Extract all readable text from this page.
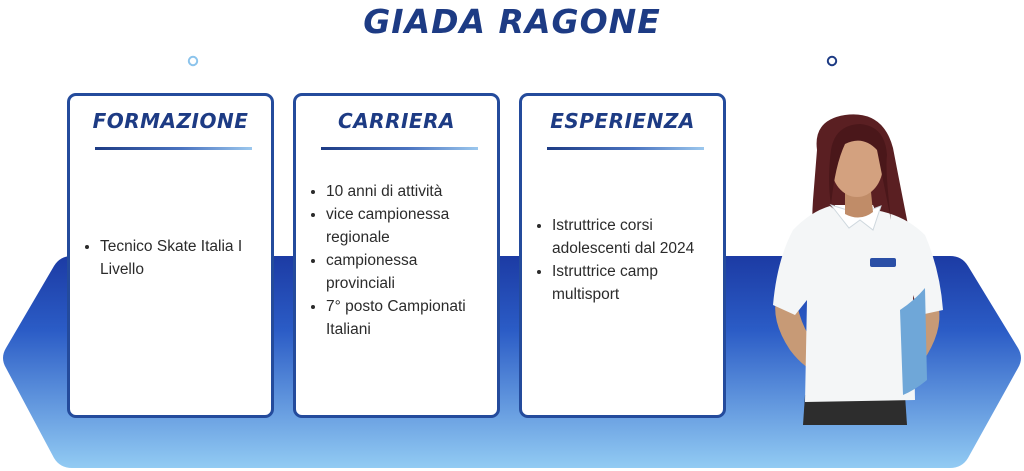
GIADA RAGONE
FORMAZIONE
• Tecnico Skate Italia I Livello
CARRIERA
• 10 anni di attività
• vice campionessa regionale
• campionessa provinciali
• 7° posto Campionati Italiani
ESPERIENZA
• Istruttrice corsi adolescenti dal 2024
• Istruttrice camp multisport
